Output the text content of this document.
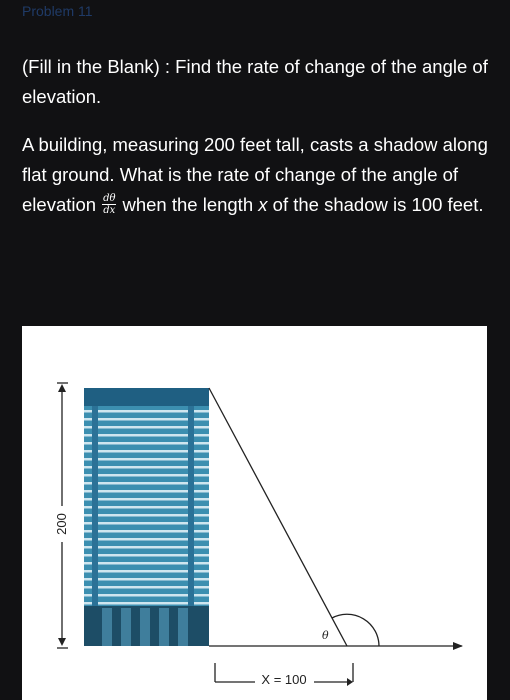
Problem 11

(Fill in the Blank) : Find the rate of change of the angle of elevation.

A building, measuring 200 feet tall, casts a shadow along flat ground. What is the rate of change of the angle of elevation $\frac{d\theta}{dx}$ when the length x of the shadow is 100 feet.

200
θ
X = 100
